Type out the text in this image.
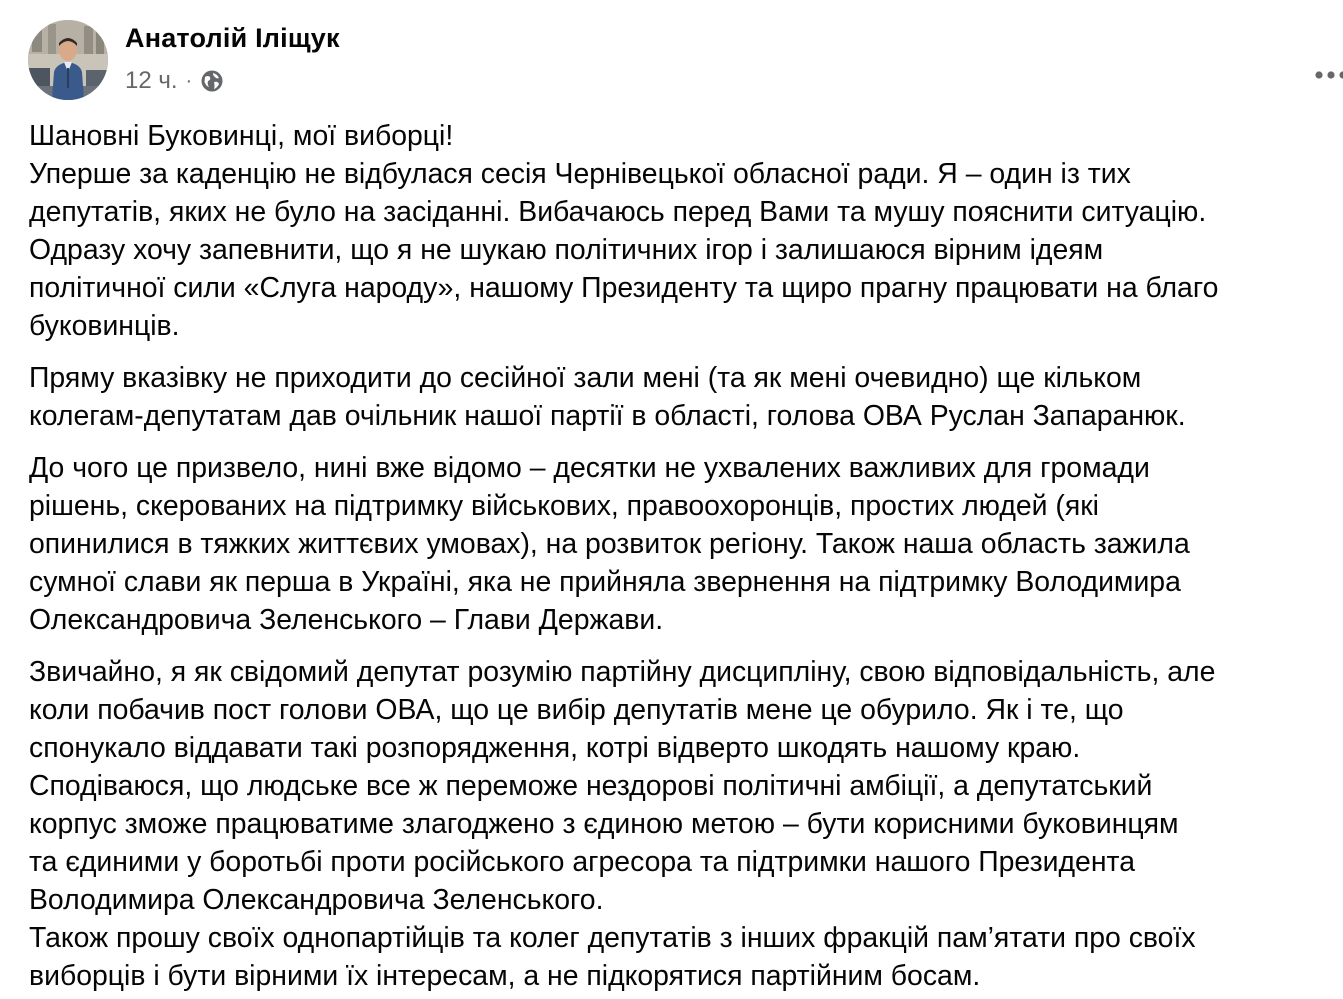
Анатолій Іліщук
12 ч. ·

Шановні Буковинці, мої виборці!

Уперше за каденцію не відбулася сесія Чернівецької обласної ради. Я – один із тих

депутатів, яких не було на засіданні. Вибачаюсь перед Вами та мушу пояснити ситуацію.

Одразу хочу запевнити, що я не шукаю політичних ігор і залишаюся вірним ідеям

політичної сили «Слуга народу», нашому Президенту та щиро прагну працювати на благо

буковинців.

Пряму вказівку не приходити до сесійної зали мені (та як мені очевидно) ще кільком

колегам-депутатам дав очільник нашої партії в області, голова ОВА Руслан Запаранюк.

До чого це призвело, нині вже відомо – десятки не ухвалених важливих для громади

рішень, скерованих на підтримку військових, правоохоронців, простих людей (які

опинилися в тяжких життєвих умовах), на розвиток регіону. Також наша область зажила

сумної слави як перша в Україні, яка не прийняла звернення на підтримку Володимира

Олександровича Зеленського – Глави Держави.

Звичайно, я як свідомий депутат розумію партійну дисципліну, свою відповідальність, але

коли побачив пост голови ОВА, що це вибір депутатів мене це обурило. Як і те, що

спонукало віддавати такі розпорядження, котрі відверто шкодять нашому краю.

Сподіваюся, що людське все ж переможе нездорові політичні амбіції, а депутатський

корпус зможе працюватиме злагоджено з єдиною метою – бути корисними буковинцям

та єдиними у боротьбі проти російського агресора та підтримки нашого Президента

Володимира Олександровича Зеленського.

Також прошу своїх однопартійців та колег депутатів з інших фракцій пам’ятати про своїх

виборців і бути вірними їх інтересам, а не підкорятися партійним босам.
